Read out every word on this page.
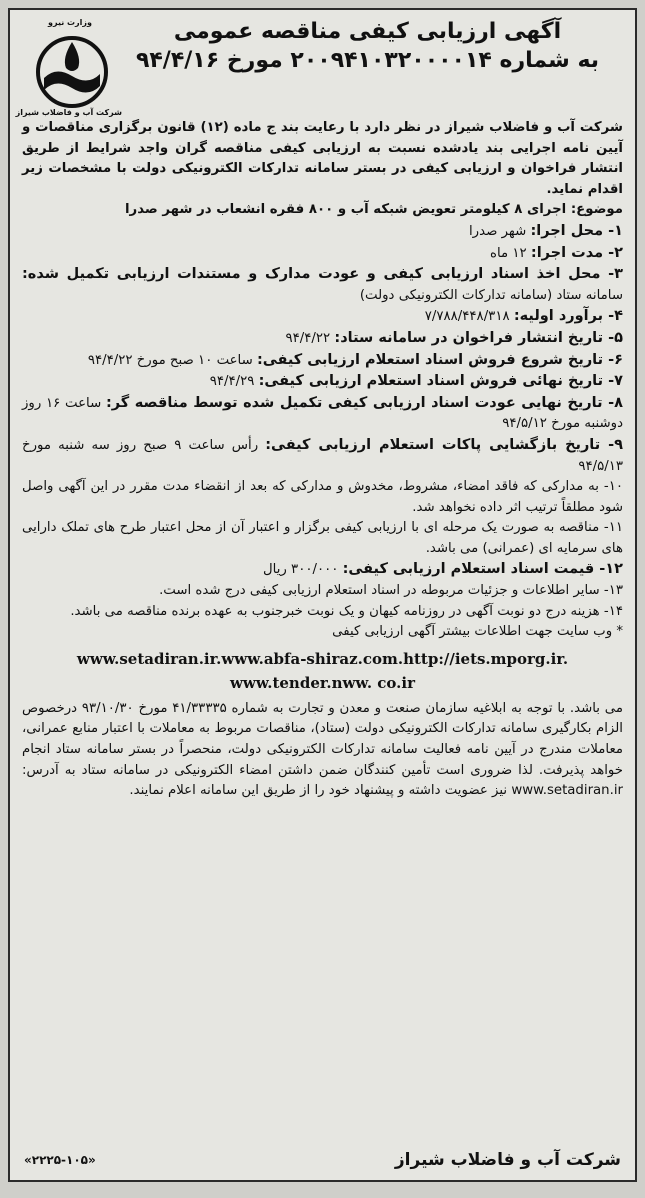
وزارت نیرو
شرکت آب و فاضلاب شیراز
آگهی ارزیابی کیفی مناقصه عمومی
به شماره ۲۰۰۹۴۱۰۳۲۰۰۰۰۱۴ مورخ ۹۴/۴/۱۶

شرکت آب و فاضلاب شیراز در نظر دارد با رعایت بند ج ماده (۱۲) قانون برگزاری مناقصات و آیین نامه اجرایی بند یادشده نسبت به ارزیابی کیفی مناقصه گران واجد شرایط از طریق انتشار فراخوان و ارزیابی کیفی در بستر سامانه تدارکات الکترونیکی دولت با مشخصات زیر اقدام نماید.

موضوع: اجرای ۸ کیلومتر تعویض شبکه آب و ۸۰۰ فقره انشعاب در شهر صدرا

۱- محل اجرا: شهر صدرا

۲- مدت اجرا: ۱۲ ماه

۳- محل اخذ اسناد ارزیابی کیفی و عودت مدارک و مستندات ارزیابی تکمیل شده: سامانه ستاد (سامانه تدارکات الکترونیکی دولت)

۴- برآورد اولیه: ۷/۷۸۸/۴۴۸/۳۱۸

۵- تاریخ انتشار فراخوان در سامانه ستاد: ۹۴/۴/۲۲

۶- تاریخ شروع فروش اسناد استعلام ارزیابی کیفی: ساعت ۱۰ صبح مورخ ۹۴/۴/۲۲

۷- تاریخ نهائی فروش اسناد استعلام ارزیابی کیفی: ۹۴/۴/۲۹

۸- تاریخ نهایی عودت اسناد ارزیابی کیفی تکمیل شده توسط مناقصه گر: ساعت ۱۶ روز دوشنبه مورخ ۹۴/۵/۱۲

۹- تاریخ بازگشایی پاکات استعلام ارزیابی کیفی: رأس ساعت ۹ صبح روز سه شنبه مورخ ۹۴/۵/۱۳

۱۰- به مدارکی که فاقد امضاء، مشروط، مخدوش و مدارکی که بعد از انقضاء مدت مقرر در این آگهی واصل شود مطلقاً ترتیب اثر داده نخواهد شد.

۱۱- مناقصه به صورت یک مرحله ای با ارزیابی کیفی برگزار و اعتبار آن از محل اعتبار طرح های تملک دارایی های سرمایه ای (عمرانی) می باشد.

۱۲- قیمت اسناد استعلام ارزیابی کیفی: ۳۰۰/۰۰۰ ریال

۱۳- سایر اطلاعات و جزئیات مربوطه در اسناد استعلام ارزیابی کیفی درج شده است.

۱۴- هزینه درج دو نوبت آگهی در روزنامه کیهان و یک نوبت خبرجنوب به عهده برنده مناقصه می باشد.

* وب سایت جهت اطلاعات بیشتر آگهی ارزیابی کیفی

www.setadiran.ir.www.abfa-shiraz.com.http://iets.mporg.ir.
www.tender.nww. co.ir

می باشد. با توجه به ابلاغیه سازمان صنعت و معدن و تجارت به شماره ۴۱/۳۳۳۳۵ مورخ ۹۳/۱۰/۳۰ درخصوص الزام بکارگیری سامانه تدارکات الکترونیکی دولت (ستاد)، مناقصات مربوط به معاملات با اعتبار منابع عمرانی، معاملات مندرج در آیین نامه فعالیت سامانه تدارکات الکترونیکی دولت، منحصراً در بستر سامانه ستاد انجام خواهد پذیرفت. لذا ضروری است تأمین کنندگان ضمن داشتن امضاء الکترونیکی در سامانه ستاد به آدرس: www.setadiran.ir نیز عضویت داشته و پیشنهاد خود را از طریق این سامانه اعلام نمایند.

شرکت آب و فاضلاب شیراز
«۲۲۲۵-۱۰۵»
